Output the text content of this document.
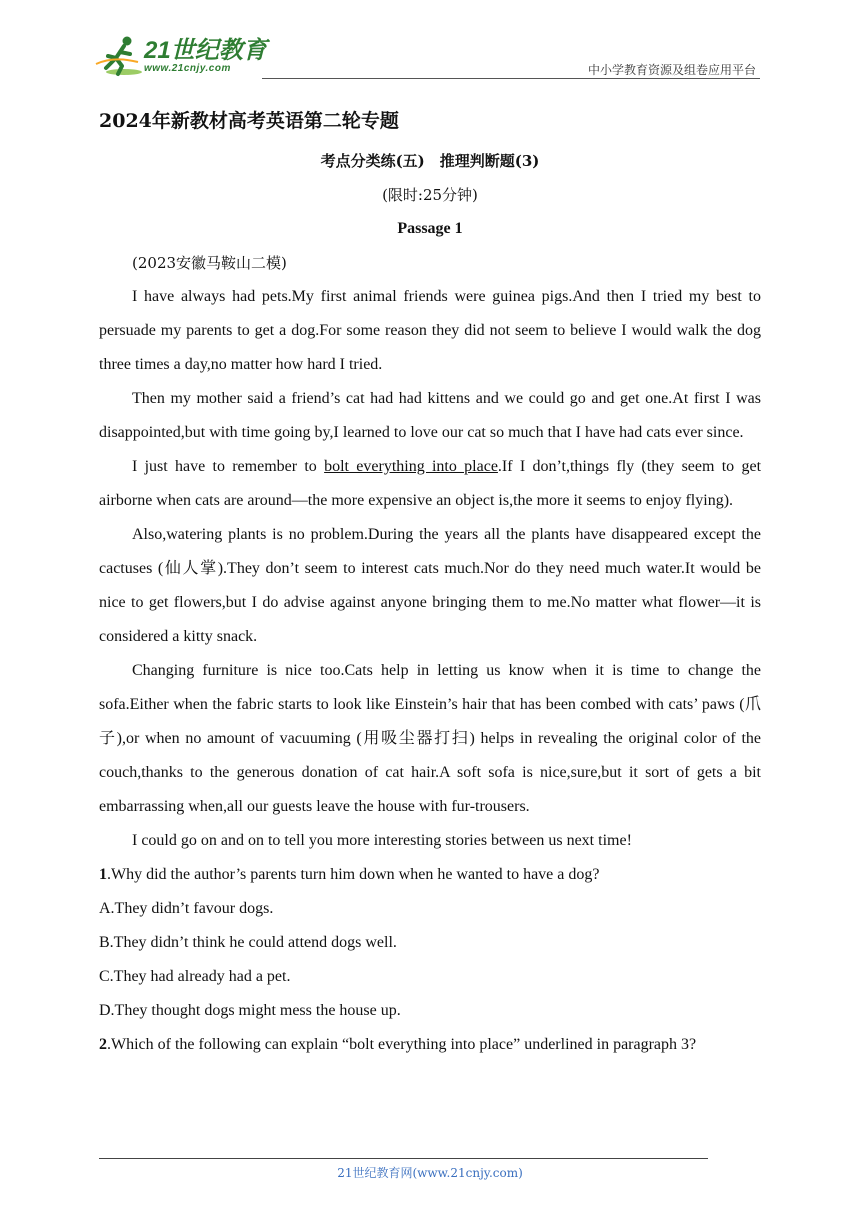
21世纪教育
www.21cnjy.com	中小学教育资源及组卷应用平台
2024年新教材高考英语第二轮专题
考点分类练(五)　推理判断题(3)
(限时:25分钟)
Passage 1
(2023安徽马鞍山二模)

I have always had pets.My first animal friends were guinea pigs.And then I tried my best to persuade my parents to get a dog.For some reason they did not seem to believe I would walk the dog three times a day,no matter how hard I tried.

Then my mother said a friend’s cat had had kittens and we could go and get one.At first I was disappointed,but with time going by,I learned to love our cat so much that I have had cats ever since.

I just have to remember to bolt everything into place.If I don’t,things fly (they seem to get airborne when cats are around—the more expensive an object is,the more it seems to enjoy flying).

Also,watering plants is no problem.During the years all the plants have disappeared except the cactuses (仙人掌).They don’t seem to interest cats much.Nor do they need much water.It would be nice to get flowers,but I do advise against anyone bringing them to me.No matter what flower—it is considered a kitty snack.

Changing furniture is nice too.Cats help in letting us know when it is time to change the sofa.Either when the fabric starts to look like Einstein’s hair that has been combed with cats’ paws (爪子),or when no amount of vacuuming (用吸尘器打扫) helps in revealing the original color of the couch,thanks to the generous donation of cat hair.A soft sofa is nice,sure,but it sort of gets a bit embarrassing when,all our guests leave the house with fur-trousers.

I could go on and on to tell you more interesting stories between us next time!

1.Why did the author’s parents turn him down when he wanted to have a dog?
A.They didn’t favour dogs.
B.They didn’t think he could attend dogs well.
C.They had already had a pet.
D.They thought dogs might mess the house up.
2.Which of the following can explain “bolt everything into place” underlined in paragraph 3?
21世纪教育网(www.21cnjy.com)
